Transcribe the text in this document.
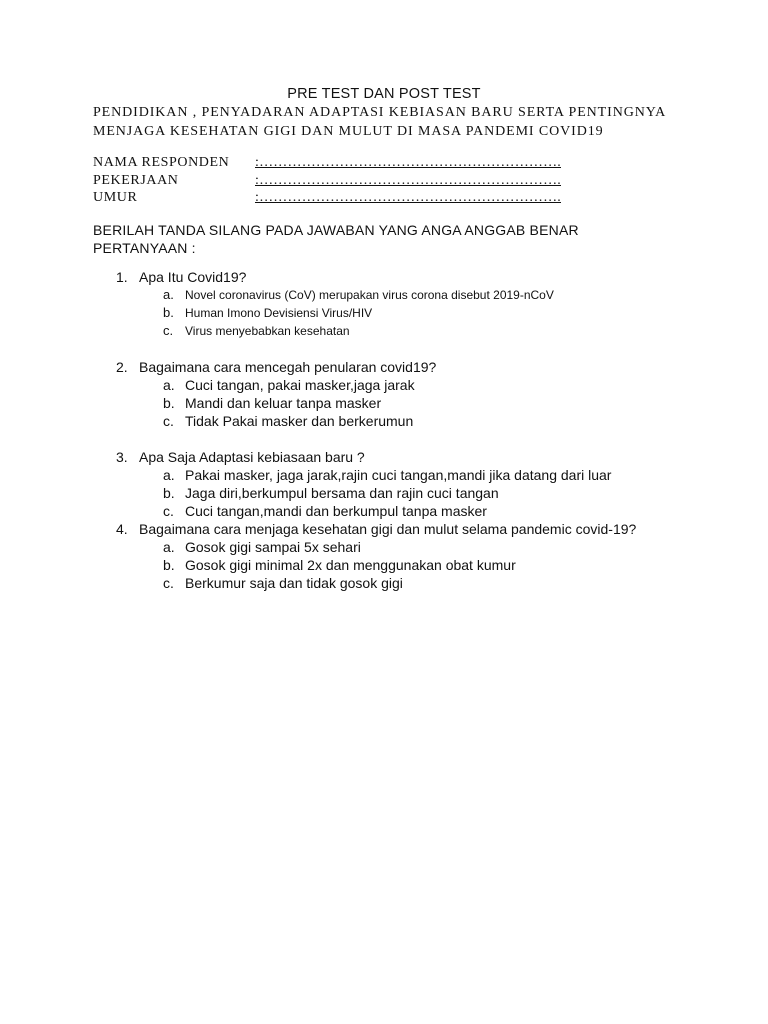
PRE TEST DAN POST TEST
PENDIDIKAN , PENYADARAN ADAPTASI KEBIASAN BARU SERTA PENTINGNYA
MENJAGA KESEHATAN GIGI DAN MULUT DI MASA PANDEMI COVID19
NAMA RESPONDEN :……………………………………………………….
PEKERJAAN	:……………………………………………………….
UMUR	:……………………………………………………….
BERILAH TANDA SILANG PADA JAWABAN YANG ANGA ANGGAB BENAR
PERTANYAAN :
1. Apa Itu Covid19?
a. Novel coronavirus (CoV) merupakan virus corona disebut 2019-nCoV
b. Human Imono Devisiensi Virus/HIV
c. Virus menyebabkan kesehatan
2. Bagaimana cara mencegah penularan covid19?
a. Cuci tangan, pakai masker,jaga jarak
b. Mandi dan keluar tanpa masker
c. Tidak Pakai masker dan berkerumun
3. Apa Saja Adaptasi kebiasaan baru ?
a. Pakai masker, jaga jarak,rajin cuci tangan,mandi jika datang dari luar
b. Jaga diri,berkumpul bersama dan rajin cuci tangan
c. Cuci tangan,mandi dan berkumpul tanpa masker
4. Bagaimana cara menjaga kesehatan gigi dan mulut selama pandemic covid-19?
a. Gosok gigi sampai 5x sehari
b. Gosok gigi minimal 2x dan menggunakan obat kumur
c. Berkumur saja dan tidak gosok gigi
